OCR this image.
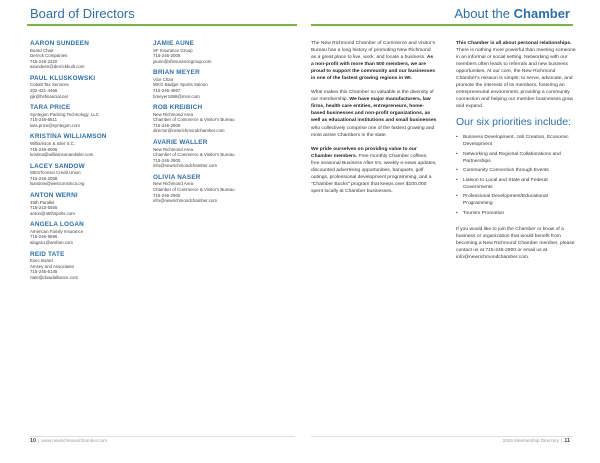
Board of Directors
AARON SUNDEEN
Board Chair
Derrick Companies
715-246-2320
asundeen@derrickbuilt.com
PAUL KLUSKOWSKI
Cobalt Tax Services
202-421-4466
pjk@hsfinancial.net
TARA PRICE
Syntegon Packing Technology, LLC
715-246-6511
tara.price@syntegon.com
KRISTINA WILLIAMSON
Williamson & Siler S.C.
715-246-6006
kristina@williamsonandsiler.com
LACEY SANDOW
WESTconsin Credit Union
715-246-2068
lsandow@westconsinca.org
ANTON WERNI
45th Parallel
715-243-5565
anton@45thspirits.com
ANGELA LOGAN
American Family Insurance
715-246-5886
alogan1@amfam.com
REID TATE
Exec Board
Amsey and Associates
715-246-6145
rtate@dowdalliance.com
JAMIE AUNE
SF Insurance Group
715-246-2005
jaune@sfinsurancegroup.com
BRIAN MEYER
Vice Chair
WKG Badger Sports Saloon
715-246-4867
bmeyer1888@msn.com
ROB KREIBICH
New Richmond Area
Chamber of Commerce & Visitor's Bureau
715-246-2900
director@newrichmondchamber.com
AVARIE WALLER
New Richmond Area
Chamber of Commerce & Visitor's Bureau
715-246-2900
info@newrichmondchamber.com
OLIVIA NASER
New Richmond Area
Chamber of Commerce & Visitor's Bureau
715-246-2900
info@newrichmondchamber.com
About the Chamber

The New Richmond Chamber of Commerce and Visitor's Bureau has a long history of promoting New Richmond as a great place to live, work, and locate a business. As a non-profit with more than 500 members, we are proud to support the community and our businesses in one of the fastest growing regions in WI.

What makes this Chamber so valuable is the diversity of our membership. We have major manufacturers, law firms, health care entities, entrepreneurs, home-based businesses and non-profit organizations, as well as educational institutions and small businesses who collectively comprise one of the fastest growing and most active Chambers in the state.

We pride ourselves on providing value to our Chamber members. Free monthly Chamber coffees, free seasonal Business After 5's, weekly e-news updates, discounted advertising opportunities, banquets, golf outings, professional development programming, and a "Chamber Bucks" program that keeps over $100,000 spent locally at Chamber businesses.

This Chamber is all about personal relationships. There is nothing more powerful than meeting someone in an informal or social setting. Networking with our members often leads to referrals and new business opportunities. At our core, the New Richmond Chamber's mission is simple: to serve, advocate, and promote the interests of its members, fostering an entrepreneurial environment, providing a community connection and helping our member businesses grow and expand.

Our six priorities include:
• Business Development, Job Creation, Economic Development
• Networking and Regional Collaborations and Partnerships
• Community Connection through Events
• Liaison to Local and State and Federal Governments
• Professional Development/Educational Programming
• Tourism Promotion

If you would like to join the Chamber or know of a business or organization that would benefit from becoming a New Richmond Chamber member, please contact us at 715-246-2900 or email us at info@newrichmondchamber.com.

10 | www.newrichmondchamber.com	2025 Membership Directory | 11
